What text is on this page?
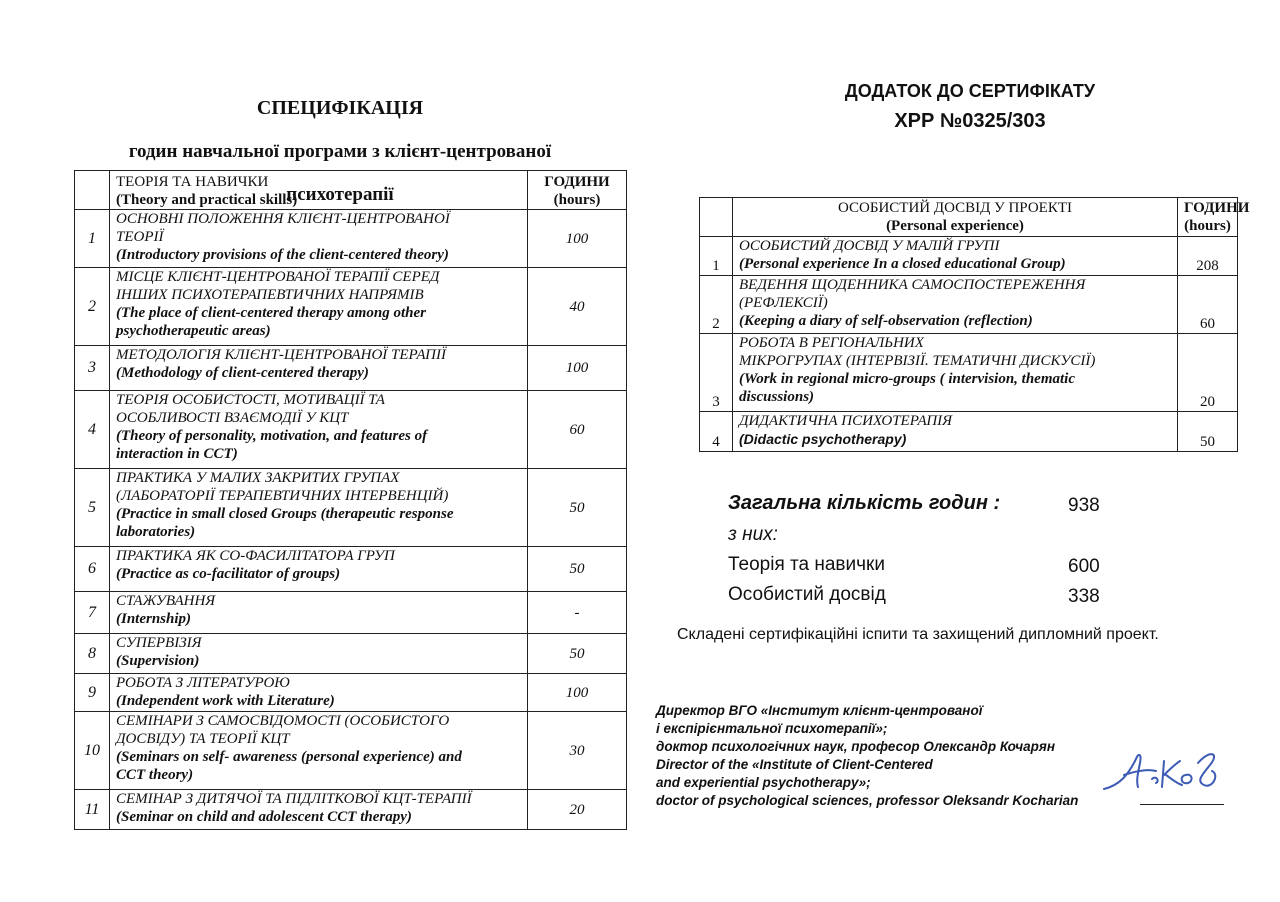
СПЕЦИФІКАЦІЯ

годин навчальної програми з клієнт-центрованої

психотерапії

	ТЕОРІЯ ТА НАВИЧКИ
(Theory and practical skills)	ГОДИНИ
(hours)

1	ОСНОВНІ ПОЛОЖЕННЯ КЛІЄНТ-ЦЕНТРОВАНОЇ
ТЕОРІЇ
(Introductory provisions of the client-centered theory)	100
2	МІСЦЕ КЛІЄНТ-ЦЕНТРОВАНОЇ ТЕРАПІЇ СЕРЕД
ІНШИХ ПСИХОТЕРАПЕВТИЧНИХ НАПРЯМІВ
(The place of client-centered therapy among other
psychotherapeutic areas)	40
3	МЕТОДОЛОГІЯ КЛІЄНТ-ЦЕНТРОВАНОЇ ТЕРАПІЇ
(Methodology of client-centered therapy)	100
4	ТЕОРІЯ ОСОБИСТОСТІ, МОТИВАЦІЇ ТА
ОСОБЛИВОСТІ ВЗАЄМОДІЇ У КЦТ
(Theory of personality, motivation, and features of
interaction in CCT)	60
5	ПРАКТИКА У МАЛИХ ЗАКРИТИХ ГРУПАХ
(ЛАБОРАТОРІЇ ТЕРАПЕВТИЧНИХ ІНТЕРВЕНЦІЙ)
(Practice in small closed Groups (therapeutic response
laboratories)	50
6	ПРАКТИКА ЯК СО-ФАСИЛІТАТОРА ГРУП
(Practice as co-facilitator of groups)	50
7	СТАЖУВАННЯ
(Internship)	-
8	СУПЕРВІЗІЯ
(Supervision)	50
9	РОБОТА З ЛІТЕРАТУРОЮ
(Independent work with Literature)	100
10	СЕМІНАРИ З САМОСВІДОМОСТІ (ОСОБИСТОГО
ДОСВІДУ) ТА ТЕОРІЇ КЦТ
(Seminars on self- awareness (personal experience) and
CCT theory)	30
11	СЕМІНАР З ДИТЯЧОЇ ТА ПІДЛІТКОВОЇ КЦТ-ТЕРАПІЇ
(Seminar on child and adolescent CCT therapy)	20
ДОДАТОК ДО СЕРТИФІКАТУ
ХРР №0325/303

	ОСОБИСТИЙ ДОСВІД У ПРОЕКТІ
(Personal experience)	ГОДИНИ
(hours)

1	ОСОБИСТИЙ ДОСВІД У МАЛІЙ ГРУПІ
(Personal experience In a closed educational Group)	208
2	ВЕДЕННЯ ЩОДЕННИКА САМОСПОСТЕРЕЖЕННЯ
(РЕФЛЕКСІЇ)
(Keeping a diary of self-observation (reflection)	60
3	РОБОТА В РЕГІОНАЛЬНИХ
МІКРОГРУПАХ (ІНТЕРВІЗІЇ. ТЕМАТИЧНІ ДИСКУСІЇ)
(Work in regional micro-groups ( intervision, thematic
discussions)	20
4	ДИДАКТИЧНА ПСИХОТЕРАПІЯ
(Didactic psychotherapy)	50
Загальна кількість годин :	938
з них:
Теорія та навички	600
Особистий досвід	338
Складені сертифікаційні іспити та захищений дипломний проект.
Директор ВГО «Інститут клієнт-центрованої
і експірієнтальної психотерапії»;
доктор психологічних наук, професор Олександр Кочарян
Director of the «Institute of Client-Centered
and experiential psychotherapy»;
doctor of psychological sciences, professor Oleksandr Kocharian
